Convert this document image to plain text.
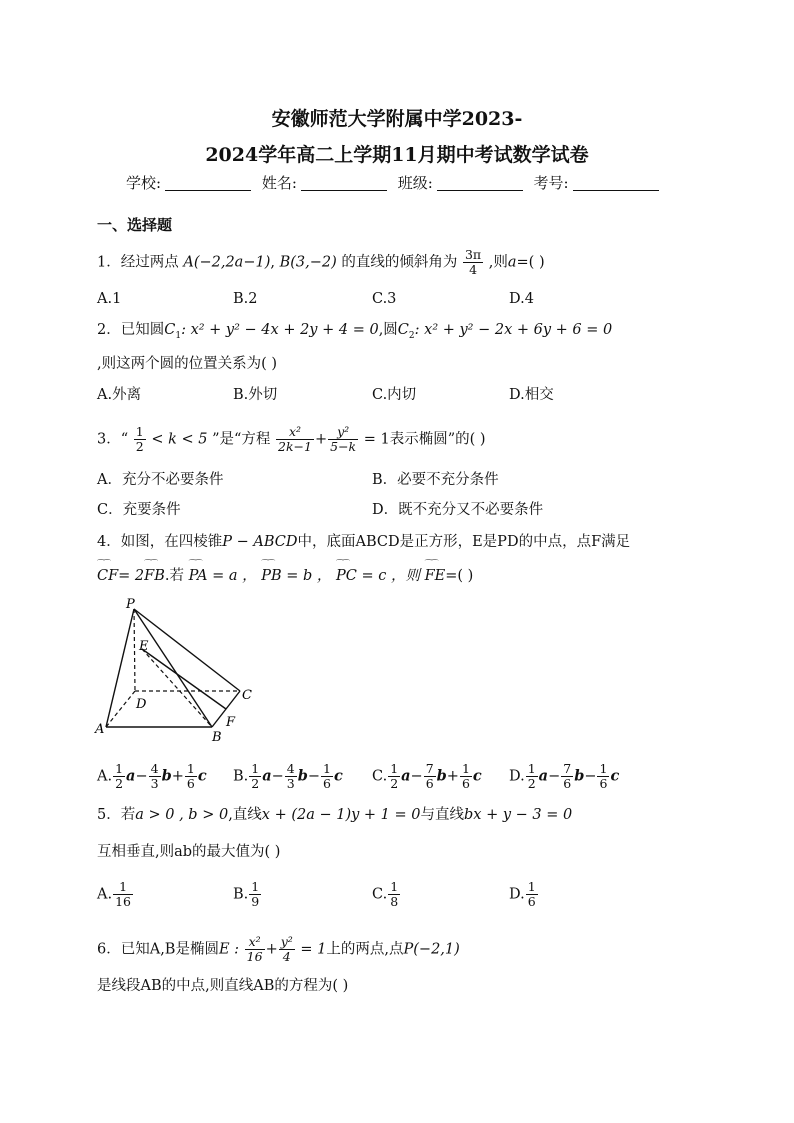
安徽师范大学附属中学2023-
2024学年高二上学期11月期中考试数学试卷
学校:	姓名:	班级:	考号:
一、选择题
1．经过两点 A(−2,2a−1), B(3,−2) 的直线的倾斜角为 $\frac{3\pi}{4}$ ,则a=( )
A.1	B.2	C.3	D.4
2．已知圆$C_1$: x² + y² − 4x + 2y + 4 = 0,圆$C_2$: x² + y² − 2x + 6y + 6 = 0
,则这两个圆的位置关系为( )
A.外离	B.外切	C.内切	D.相交
3．“ $\frac{1}{2} < k < 5$ ”是“方程 $\frac{\text{x²}}{2k-1} + \frac{\text{y²}}{5-k} = 1$表示椭圆”的( )
A．充分不必要条件	B．必要不充分条件
C．充要条件	D．既不充分又不必要条件
4．如图，在四棱锥P − ABCD中，底面ABCD是正方形，E是PD的中点，点F满足
⌒⌒ CF= 2⌒⌒ FB.若 ⌒⌒ PA = a ， ⌒⌒ PB = b ， ⌒⌒ PC = c ，则 ⌒⌒ FE=( )
P
E
D
C
A
B
F
A. $\frac{1}{2} a- \frac{4}{3} b+ \frac{1}{6}$ c B. $\frac{1}{2} a- \frac{4}{3} b- \frac{1}{6}$ c C. $\frac{1}{2} a- \frac{7}{6} b+ \frac{1}{6}$ c D. $\frac{1}{2} a- \frac{7}{6} b- \frac{1}{6}$ c
5．若a > 0 , b > 0,直线x + (2a − 1)y + 1 = 0与直线bx + y − 3 = 0
互相垂直,则ab的最大值为( )
A. $\frac{1}{16}$	B. $\frac{1}{9}$	C. $\frac{1}{8}$	D. $\frac{1}{6}$
6．已知A,B是椭圆E : $\frac{\text{x²}}{16} + \frac{\text{y²}}{4} = 1$上的两点,点P(−2,1)
是线段AB的中点,则直线AB的方程为( )
